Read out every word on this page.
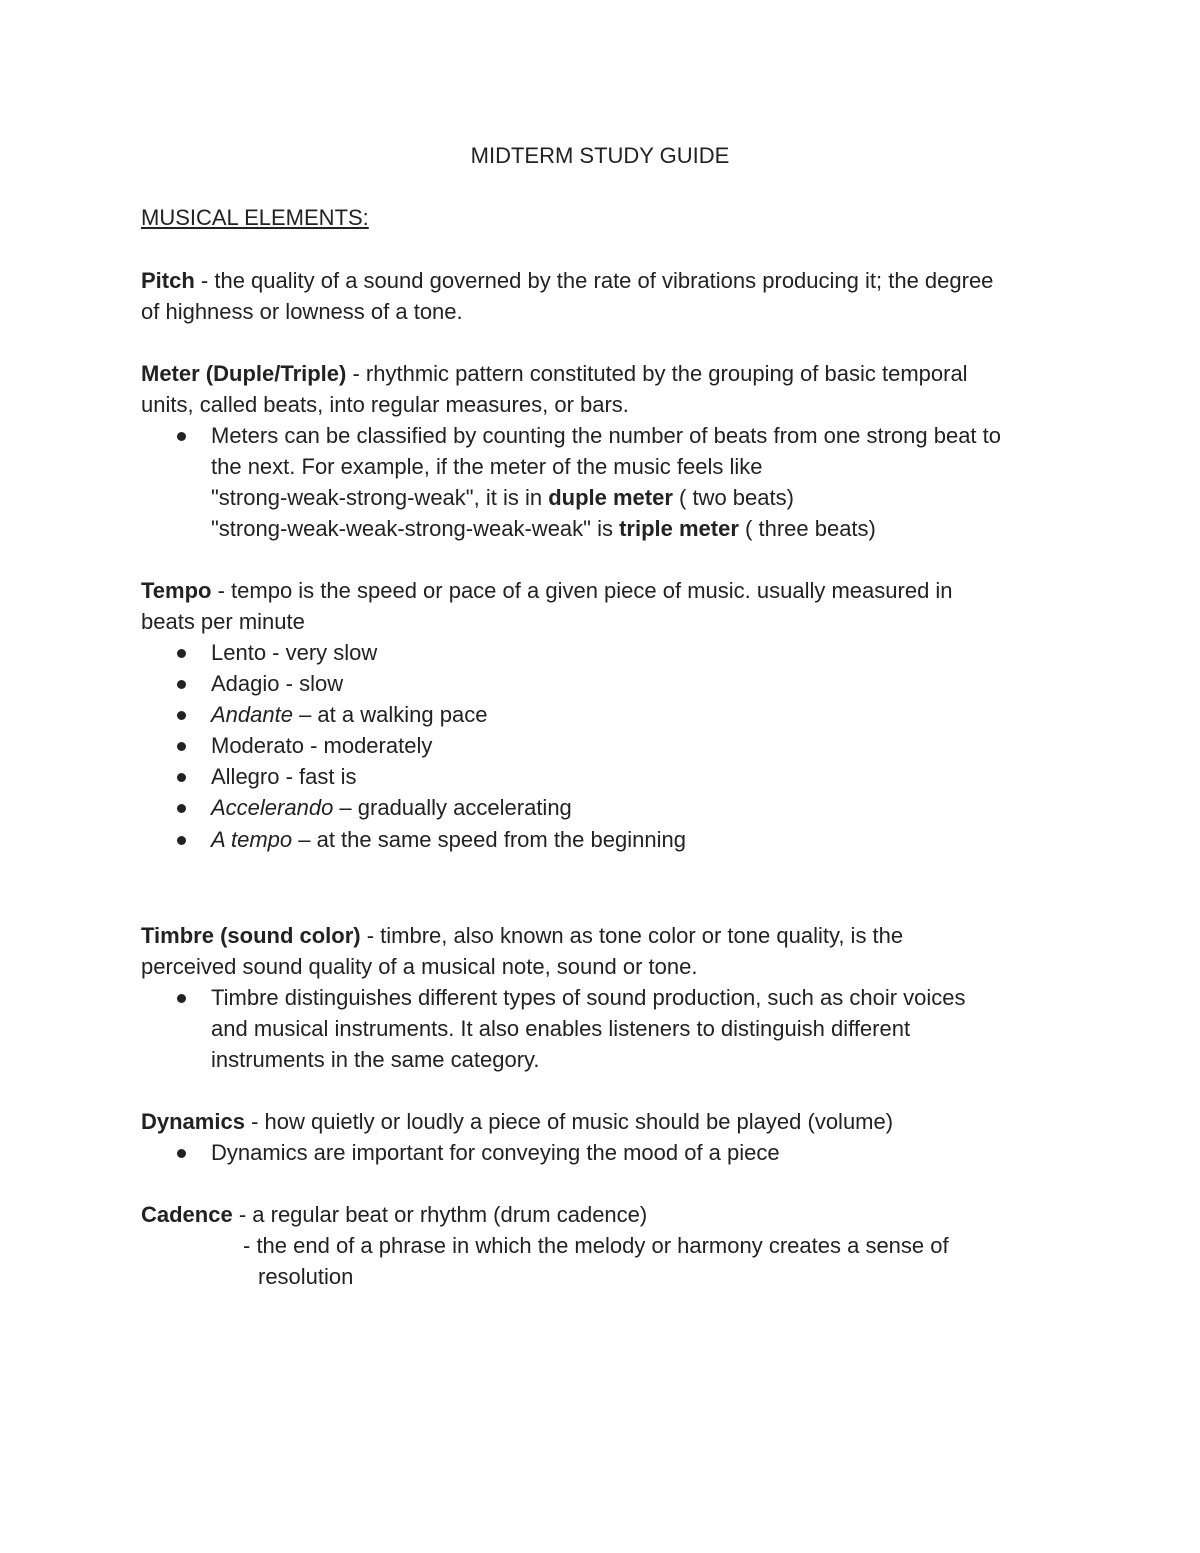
MIDTERM STUDY GUIDE
MUSICAL ELEMENTS:
Pitch - the quality of a sound governed by the rate of vibrations producing it; the degree
of highness or lowness of a tone.
Meter (Duple/Triple) - rhythmic pattern constituted by the grouping of basic temporal
units, called beats, into regular measures, or bars.
Meters can be classified by counting the number of beats from one strong beat to
the next. For example, if the meter of the music feels like
"strong-weak-strong-weak", it is in duple meter ( two beats)
"strong-weak-weak-strong-weak-weak" is triple meter ( three beats)
Tempo - tempo is the speed or pace of a given piece of music. usually measured in
beats per minute
Lento - very slow
Adagio - slow
Andante – at a walking pace
Moderato - moderately
Allegro - fast is
Accelerando – gradually accelerating
A tempo – at the same speed from the beginning
Timbre (sound color) - timbre, also known as tone color or tone quality, is the
perceived sound quality of a musical note, sound or tone.
Timbre distinguishes different types of sound production, such as choir voices
and musical instruments. It also enables listeners to distinguish different
instruments in the same category.
Dynamics - how quietly or loudly a piece of music should be played (volume)
Dynamics are important for conveying the mood of a piece
Cadence - a regular beat or rhythm (drum cadence)
- the end of a phrase in which the melody or harmony creates a sense of
resolution
